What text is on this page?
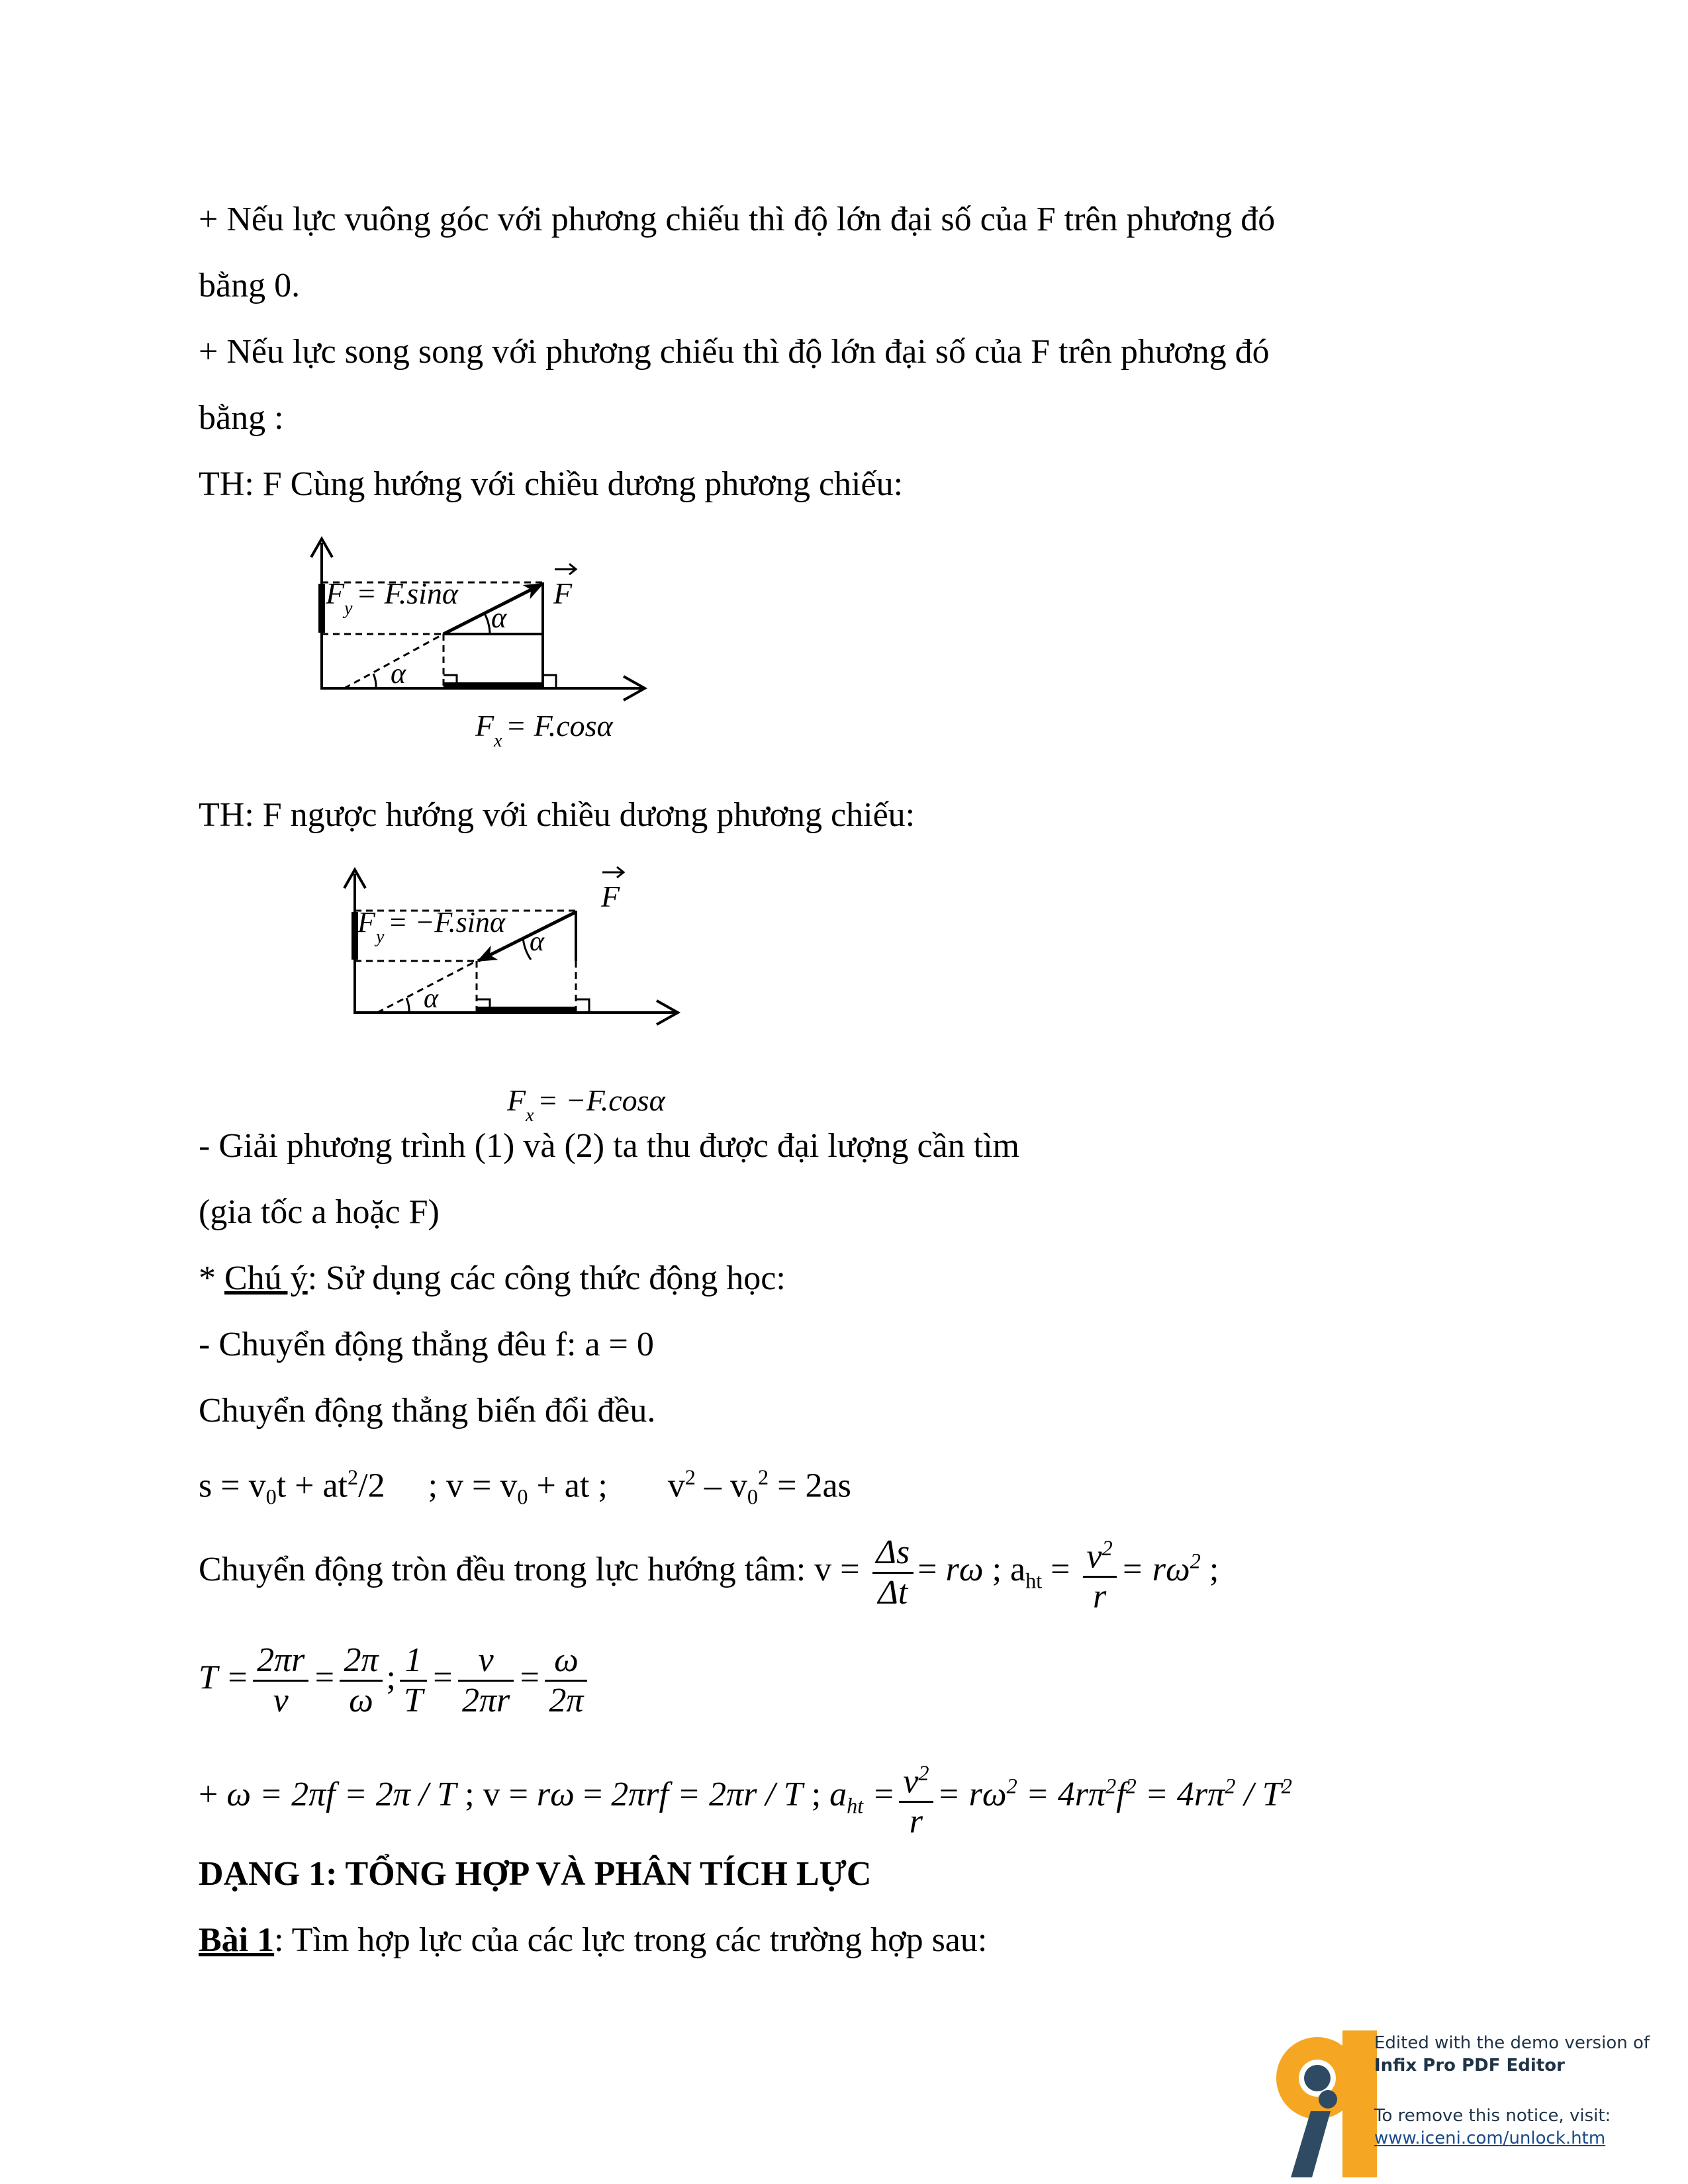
+ Nếu lực vuông góc với phương chiếu thì độ lớn đại số của F trên phương đó
bằng 0.
+ Nếu lực song song với phương chiếu thì độ lớn đại số của F trên phương đó
bằng :
TH: F Cùng hướng với chiều dương phương chiếu:
F y = F.sinα
α
α
F
F x = F.cosα
TH: F ngược hướng với chiều dương phương chiếu:
F y = −F.sinα
α
α
F
F x = −F.cosα
- Giải phương trình (1) và (2) ta thu được đại lượng cần tìm
(gia tốc a hoặc F)
* Chú ý: Sử dụng các công thức động học:
- Chuyển động thẳng đêu f: a = 0
Chuyển động thẳng biến đổi đều.
$s = v_0t + at^2/2$     ; $v = v_0$ + at ;       $v^2 - v_0^2 = 2as$
Chuyển động tròn đều trong lực hướng tâm: $v = \frac{\Delta s}{\Delta t} = r\omega$ ; $a_{ht} = \frac{v^2}{r} = r\omega^2$ ;
$T = \frac{2\pi r}{v} = \frac{2\pi}{\omega}$ ; $\frac{1}{T} = \frac{v}{2\pi r} = \frac{\omega}{2\pi}$
+ ω = 2πf = 2π / T ; v = rω = 2πrf = 2πr / T ; $a_{ht} = \frac{v^2}{r} = r\omega^2 = 4r\pi^2f^2 = 4r\pi^2 / T^2$
DẠNG 1: TỔNG HỢP VÀ PHÂN TÍCH LỰC
Bài 1: Tìm hợp lực của các lực trong các trường hợp sau:
Edited with the demo version of
Infix Pro PDF Editor
To remove this notice, visit:
www.iceni.com/unlock.htm
